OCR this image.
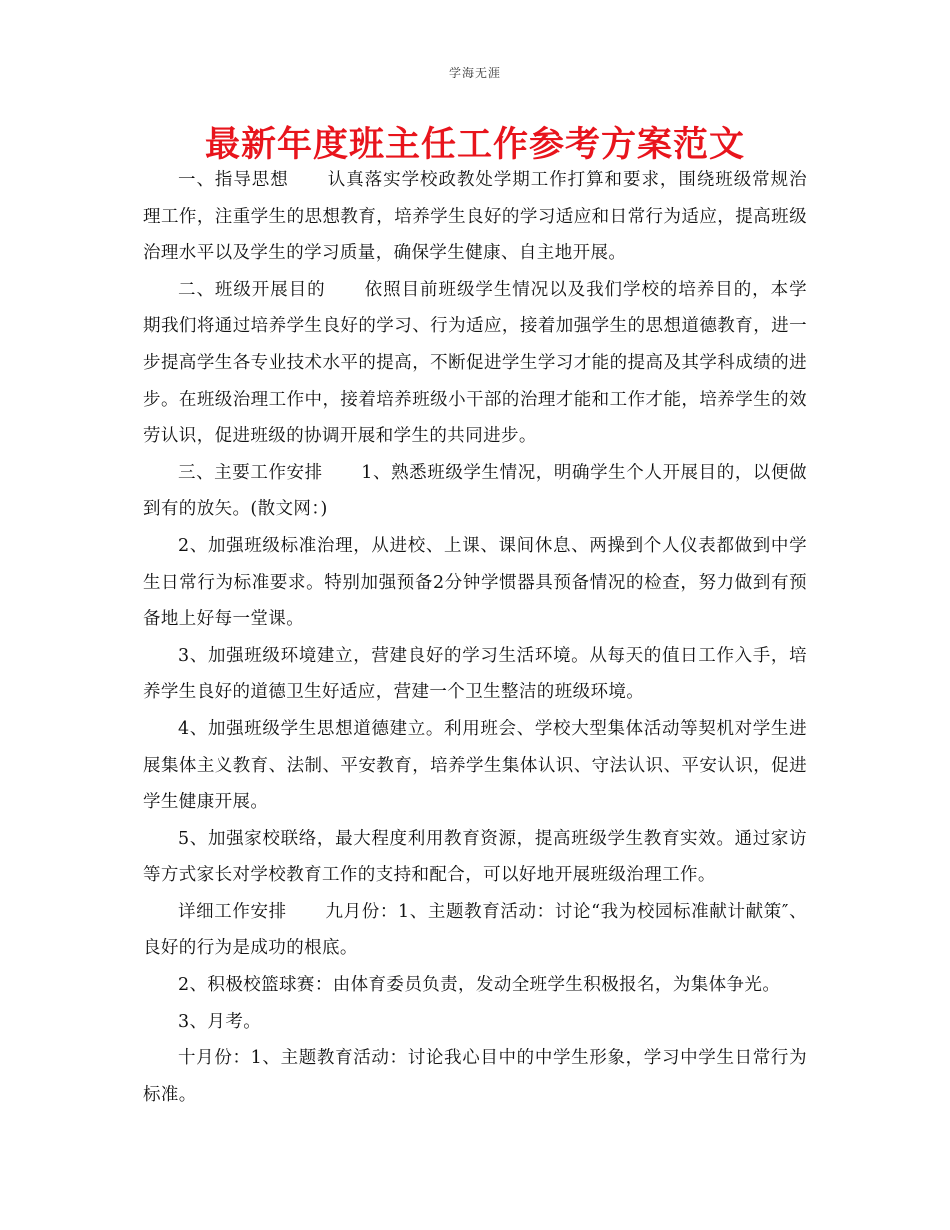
学海无涯
最新年度班主任工作参考方案范文

一、指导思想 认真落实学校政教处学期工作打算和要求，围绕班级常规治理工作，注重学生的思想教育，培养学生良好的学习适应和日常行为适应，提高班级治理水平以及学生的学习质量，确保学生健康、自主地开展。

二、班级开展目的 依照目前班级学生情况以及我们学校的培养目的，本学期我们将通过培养学生良好的学习、行为适应，接着加强学生的思想道德教育，进一步提高学生各专业技术水平的提高，不断促进学生学习才能的提高及其学科成绩的进步。在班级治理工作中，接着培养班级小干部的治理才能和工作才能，培养学生的效劳认识，促进班级的协调开展和学生的共同进步。

三、主要工作安排 1、熟悉班级学生情况，明确学生个人开展目的，以便做到有的放矢。(散文网：)

2、加强班级标准治理，从进校、上课、课间休息、两操到个人仪表都做到中学生日常行为标准要求。特别加强预备2分钟学惯器具预备情况的检查，努力做到有预备地上好每一堂课。

3、加强班级环境建立，营建良好的学习生活环境。从每天的值日工作入手，培养学生良好的道德卫生好适应，营建一个卫生整洁的班级环境。

4、加强班级学生思想道德建立。利用班会、学校大型集体活动等契机对学生进展集体主义教育、法制、平安教育，培养学生集体认识、守法认识、平安认识，促进学生健康开展。

5、加强家校联络，最大程度利用教育资源，提高班级学生教育实效。通过家访等方式家长对学校教育工作的支持和配合，可以好地开展班级治理工作。

详细工作安排 九月份：1、主题教育活动：讨论“我为校园标准献计献策″、良好的行为是成功的根底。

2、积极校篮球赛：由体育委员负责，发动全班学生积极报名，为集体争光。

3、月考。

十月份：1、主题教育活动：讨论我心目中的中学生形象，学习中学生日常行为标准。
